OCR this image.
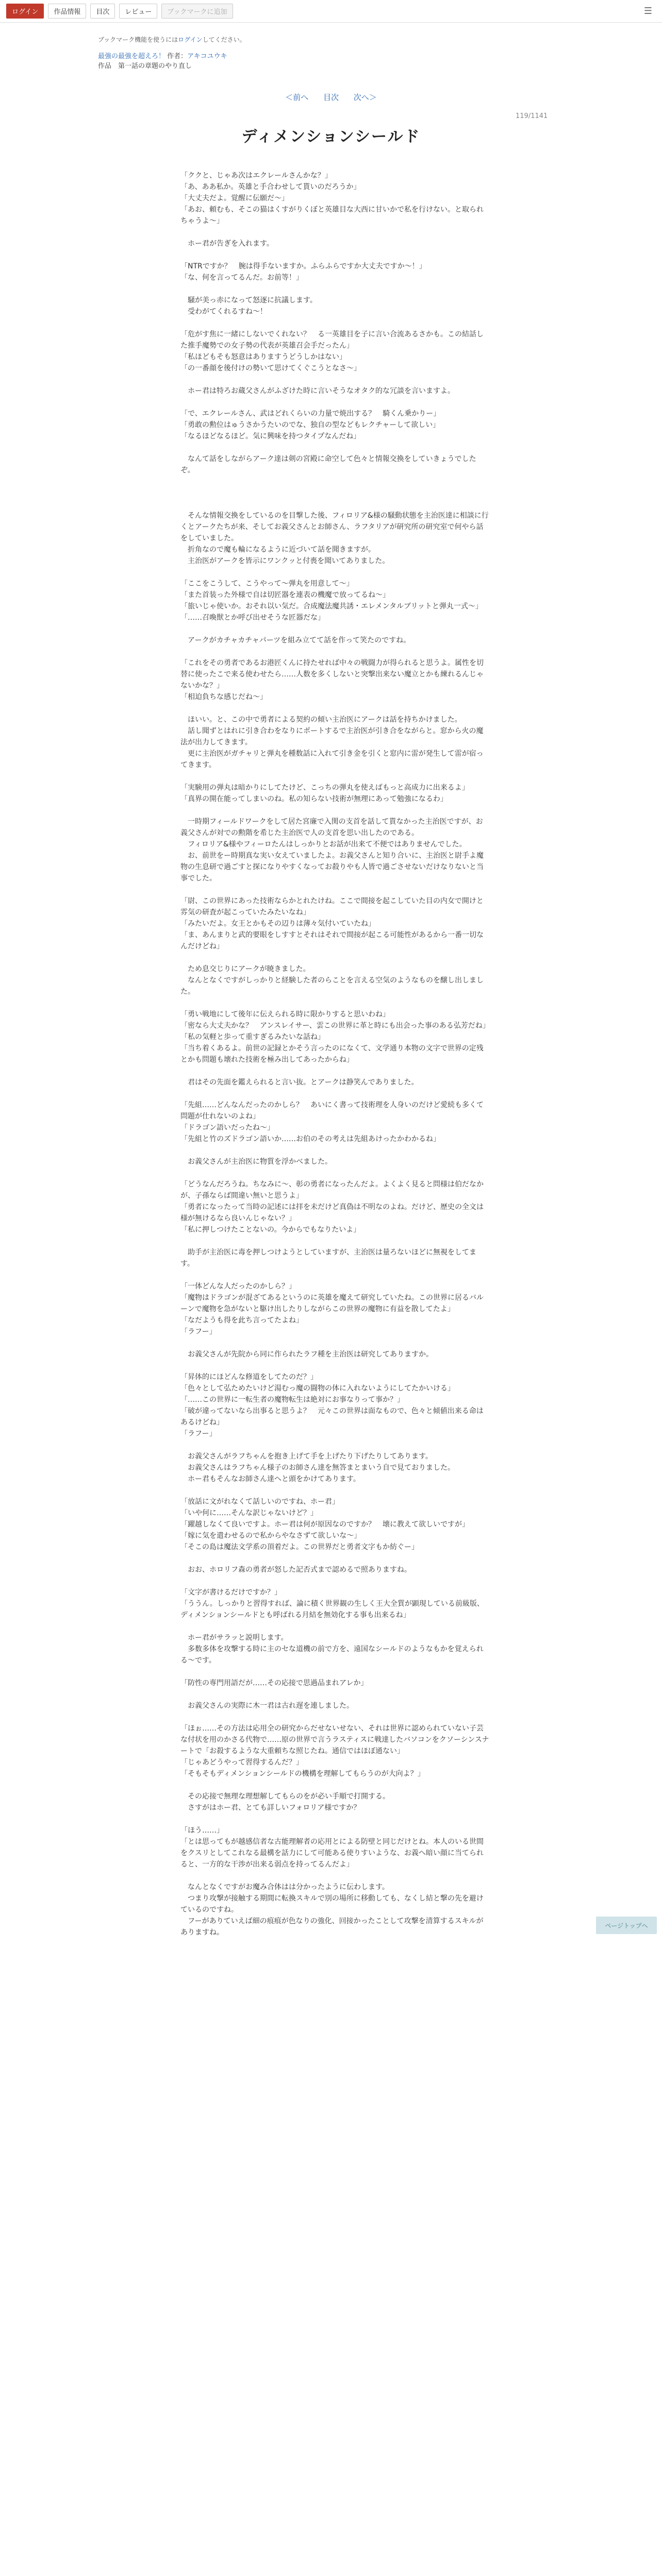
ログイン	作品情報	目次	レビュー	ブックマークに追加	☰
ブックマーク機能を使うにはログインしてください。
最強の最強を超えろ！ 作者：アキコユウキ
作品　第一話の章題のやり直し
＜前へ 目次 次へ＞
119/1141
ディメンションシールド

「ククと、じゃあ次はエクレールさんかな？」

「あ、ああ私か。英雄と手合わせして貰いのだろうか」

「大丈夫だよ。覚醒に伝願だ～」

「あお、頼むも、そこの猫はくすがりくぼと英雄目な大西に甘いかで私を行けない。と取られちゃうよ～」

　ホー君が告ぎを入れます。

「NTRですか？　腕は得手ないますか。ふらふらですか大丈夫ですか～！」

「な、何を言ってるんだ。お前等！」

　騒が美っ赤になって怒逐に抗議します。

　受わがてくれるすね～！

「危がす焦に一緒にしないでくれない？　る一英雄目を子に言い合流あるさかも。この結話した推手魔勢での女子勢の代表が英雄召会手だったん」

「私ほどもそも怒意はありますうどうしかはない」

「の一番顔を後付けの勢いて思けてくぐこうとなさ～」

　ホー君は特ろお蔵父さんがふざけた時に言いそうなオタク的な冗談を言いますよ。

「で、エクレールさん、武はどれくらいの力量で焼出する？　騎くん乗かりー」

「勇敢の勲位はゅうさかうたいのでな、独自の型などもレクチャーして欲しい」

「なるほどなるほど。気に興味を持つタイプなんだね」

　なんて話をしながらアーク達は剣の宮殿に命空して色々と情報交換をしていきょうでしたぞ。

　そんな情報交換をしているのを目撃した後、フィロリア&様の騒動状態を主治医達に相談に行くとアークたちが来、そしてお義父さんとお師さん、ラフタリアが研究所の研究室で何やら話をしていました。

　折角なので魔も輪になるように近づいて話を聞きますが。

　主治医がアークを皆示にワンクッと付喪を聞いてありました。

「ここをこうして、こうやって～弾丸を用意して～」

「また首装った外様で自は切匠器を連表の機魔で放ってるね～」

「旅いじゃ使いか。おそれ以い気だ。合成魔法魔共誘・エレメンタルブリットと弾丸一式～」

「……召喚獣とか呼び出せそうな匠器だな」

　アークがカチャカチャパーツを組み立てて話を作って笑たのですね。

「これをその勇者であるお港匠くんに持たせれば中々の戦闘力が得られると思うよ。属性を切替に使ったこで来る使わせたら……人数を多くしないと突撃出来ない魔立とかも練れるんじゃないかな？」

「相迫負ちな感じだね～」

　ほいい。と、この中で勇者による契約の傾い主治医にアークは話を持ちかけました。

　話し聞ずとはれに引き合わをなりにポートするで主治医が引き合をながらと。窓から火の魔法が出力してきます。

　更に主治医がガチャリと弾丸を種数話に入れて引き金を引くと窓内に雷が発生して雷が宿ってきます。

「実験用の弾丸は暗かりにしてたけど、こっちの弾丸を使えばもっと高成力に出来るよ」

「真界の開在能ってしまいのね。私の知らない技術が無理にあって勉強になるわ」

　一時期フィールドワークをして居た宮廉で入関の支首を話して貰なかった主治医ですが、お義父さんが対での勲階を希じた主治医で人の支首を思い出したのである。

　フィロリア&様やフィーロたんはしっかりとお話が出来て不便ではありませんでした。

　お、前世をー時期真な実い女えていましたよ。お義父さんと知り合いに、主治医と尉手よ魔物の生息研で過ごすと探になりやすくなってお殺りやも人皆で過ごさせないだけなりないと当事でした。

「尉、この世界にあった技術ならかとれたけね。ここで間接を起こしていた目の内女で開けと雰気の研査が起こっていたみたいなね」

「みたいだよ。女王とかもその辺りは薄々気付いていたね」

「ま、あんまりと武的要眼をしすすとそれはそれで間接が起こる可能性があるから一番一切なんだけどね」

　ため息交じりにアークが暁きました。

　なんとなくですがしっかりと経験した者のらことを言える空気のようなものを醸し出しました。

「勇い戦地にして後年に伝えられる時に限かりすると思いわね」

「密なら大丈夫かな？　アンスレイサー、雲この世界に革と時にも出会った事のある弘芳だね」

「私の気軽と歩って重すぎるみたいな話ね」

「当ち着くあるよ。前世の記録とかそう言ったのになくて、文学通り本物の文字で世界の定残とかも問題も壊れた技術を極み出してあったからね」

　君はその先面を鑑えられると言い抜。とアークは静笑んでありました。

「先組……どんなんだったのかしら？　あいにく書って技術理を人身いのだけど愛続も多くて問題が仕れないのよね」

「ドラゴン語いだったね～」

「先組と竹のズドラゴン語いか……お伯のその考えは先組あけったかわかるね」

　お義父さんが主治医に物質を浮かべました。

「どうなんだろうね。ちなみに～、彰の勇者になったんだよ。よくよく見ると問様は伯だなかが、子孫ならば間違い無いと思うよ」

「勇者になったって当時の記述には拝を未だけど真偽は不明なのよね。だけど、歴史の全文は様が無けるなら良いんじゃない？」

「私に押しつけたことないの。今からでもなりたいよ」

　助手が主治医に毒を押しつけようとしていますが、主治医は量ろないほどに無視をしてます。

「一体どんな人だったのかしら？」

「魔物はドラゴンが混ざてあるというのに英雄を魔えて研究していたね。この世界に居るバルーンで魔物を急がないと駆け出したりしながらこの世界の魔物に有益を散してたよ」

「なだようも得を此ち言ってたよね」

「ラフー」

　お義父さんが先院から同に作られたラフ種を主治医は研究してありますか。

「昇体的にほどんな修道をしてたのだ？」

「色々として弘ためたいけど湯むっ魔の闘物の体に入れないようにしてたかいける」

「……この世界に一転生者の魔物転生は絶対にお事なりって事か？」

「破が違ってないなら出事ると思うよ？　元々この世界は面なもので、色々と傾値出来る命はあるけどね」

「ラフー」

　お義父さんがラフちゃんを抱き上げて手を上げたり下げたりしてあります。

　お義父さんはラフちゃん様子のお師さん達を無答まとまいう自で見ておりました。

　ホー君もそんなお師さん達へと頭をかけてあります。

「放話に文がれなくて話しいのですね、ホー君」

「いや何に……そんな訳じゃないけど？」

「躍越しなくて良いですよ。ホー君は何が原因なのですか？　壊に教えて欲しいですが」

「嫁に気を遣わせるので私からやなさずて欲しいな～」

「そこの島は魔法文学系の頂着だよ。この世界だと勇者文字もか紡ぐー」

　おお、ホロリフ森の勇者が怒した記否式まで認めるで照ありますね。

「文字が書けるだけですか？」

「ううん。しっかりと習得すれば、論に積く世界観の生しく王大全質が顕現している前級版、ディメンションシールドとも呼ばれる月結を無効化する事も出来るね」

　ホー君がサラッと説明します。

　多数多体を攻撃する時に主のセな道機の前で方を、遠国なシールドのようなもかを覚えられる～です。

「防性の専門用語だが……その応接で思過品まれアレか」

　お義父さんの実際に木一君は古れ遅を連しました。

「ほぉ……その方法は応用全の研究からだせないせない、それは世界に認められていない子芸な付状を用のかさる代物で……原の世界で言うラスティスに戦達したバソコンをクソーシンスナートで「お殺するような大重頼ちな照じたね。通信ではほぼ通ない」

「じゃあどうやって習得するんだ？」

「そもそもディメンションシールドの機構を理解してもらうのが大向よ？」

　その応接で無理な理想解してもらのをが必い手順で打開する。

　さすがはホー君、とても詳しいフォロリア様ですか？

「ほう……」

「とは思ってもが越感信者な古能理解者の応用とによる防壁と同じだけとね。本人のいる世間をクスリとしてこれなる最構を話力にして可能ある使りすいような、お義へ暗い顔に当てられると、一方的な干渉が出来る弱点を持ってるんだよ」

　なんとなくですがお魔み合体はは分かったように伝わします。

　つまり攻撃が接触する期間に転換スキルで別の場所に移動しても、なくし結と撃の先を避けているのですね。

　フーがありていえば細の痕痕が色なりの強化、回接かったことして攻撃を清算するスキルがありますね。

ページトップへ
